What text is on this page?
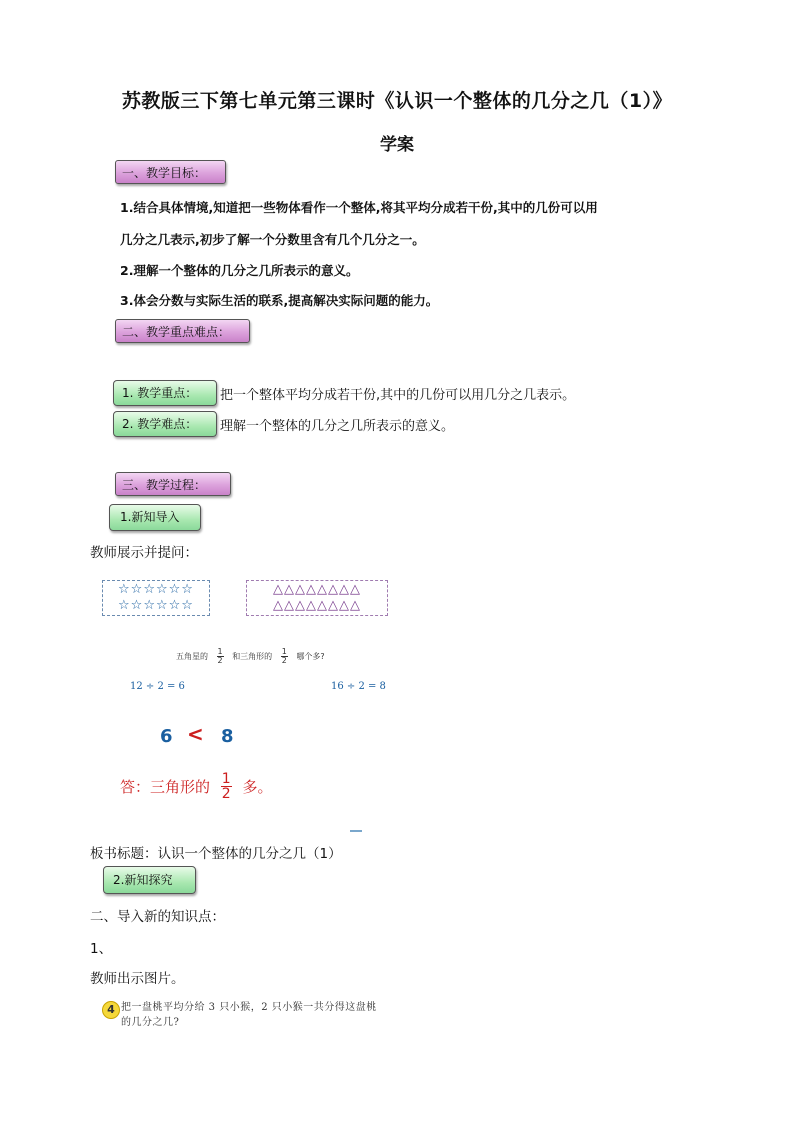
苏教版三下第七单元第三课时《认识一个整体的几分之几（1）》
学案
一、教学目标：
1.结合具体情境,知道把一些物体看作一个整体,将其平均分成若干份,其中的几份可以用
几分之几表示,初步了解一个分数里含有几个几分之一。
2.理解一个整体的几分之几所表示的意义。
3.体会分数与实际生活的联系,提高解决实际问题的能力。
二、教学重点难点：
1. 教学重点：	把一个整体平均分成若干份,其中的几份可以用几分之几表示。
2. 教学难点：	理解一个整体的几分之几所表示的意义。
三、教学过程：
1.新知导入
教师展示并提问：
☆☆☆☆☆☆
☆☆☆☆☆☆
△△△△△△△△
△△△△△△△△
五角星的 $\frac{1}{2}$ 和三角形的 $\frac{1}{2}$ 哪个多?
12 ÷ 2 = 6	16 ÷ 2 = 8
6 < 8
答：三角形的 $\frac{1}{2}$ 多。
板书标题：认识一个整体的几分之几（1）
2.新知探究
二、导入新的知识点：
1、
教师出示图片。
4 把一盘桃平均分给 3 只小猴，2 只小猴一共分得这盘桃
的几分之几?
